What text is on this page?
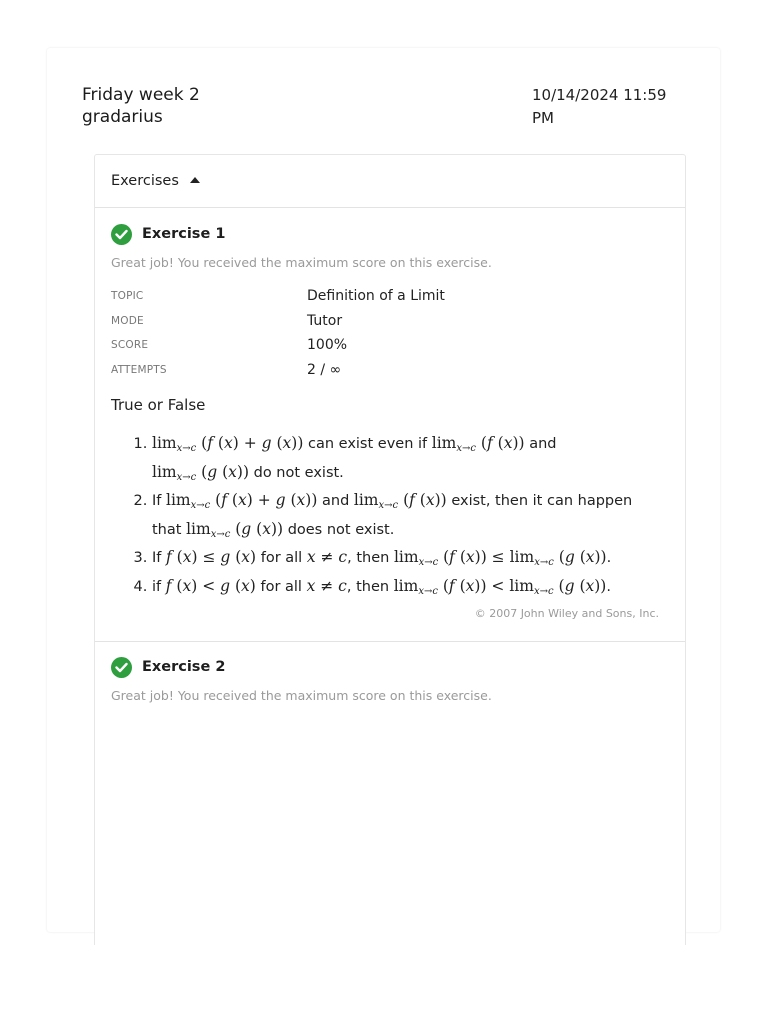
Friday week 2
gradarius
10/14/2024 11:59 PM
Exercises
Exercise 1
Great job! You received the maximum score on this exercise.
TOPIC	Definition of a Limit
MODE	Tutor
SCORE	100%
ATTEMPTS	2 / ∞
True or False
1. $\lim_{x\to c} (f$ (x) + g (x)) can exist even if $\lim_{x\to c} (f$ (x)) and
$\lim_{x\to c} (g$ (x)) do not exist.
2. If $\lim_{x\to c} (f$ (x) + g (x)) and $\lim_{x\to c} (f$ (x)) exist, then it can happen
that $\lim_{x\to c} (g$ (x)) does not exist.
3. If f (x) ≤ g (x) for all x ≠ c, then $\lim_{x\to c} (f$ $(x)) \le \lim_{x\to c} (g$ (x)).
4. if f (x) < g (x) for all x ≠ c, then $\lim_{x\to c} (f$ $(x)) < \lim_{x\to c} (g$ (x)).
© 2007 John Wiley and Sons, Inc.
Exercise 2
Great job! You received the maximum score on this exercise.
